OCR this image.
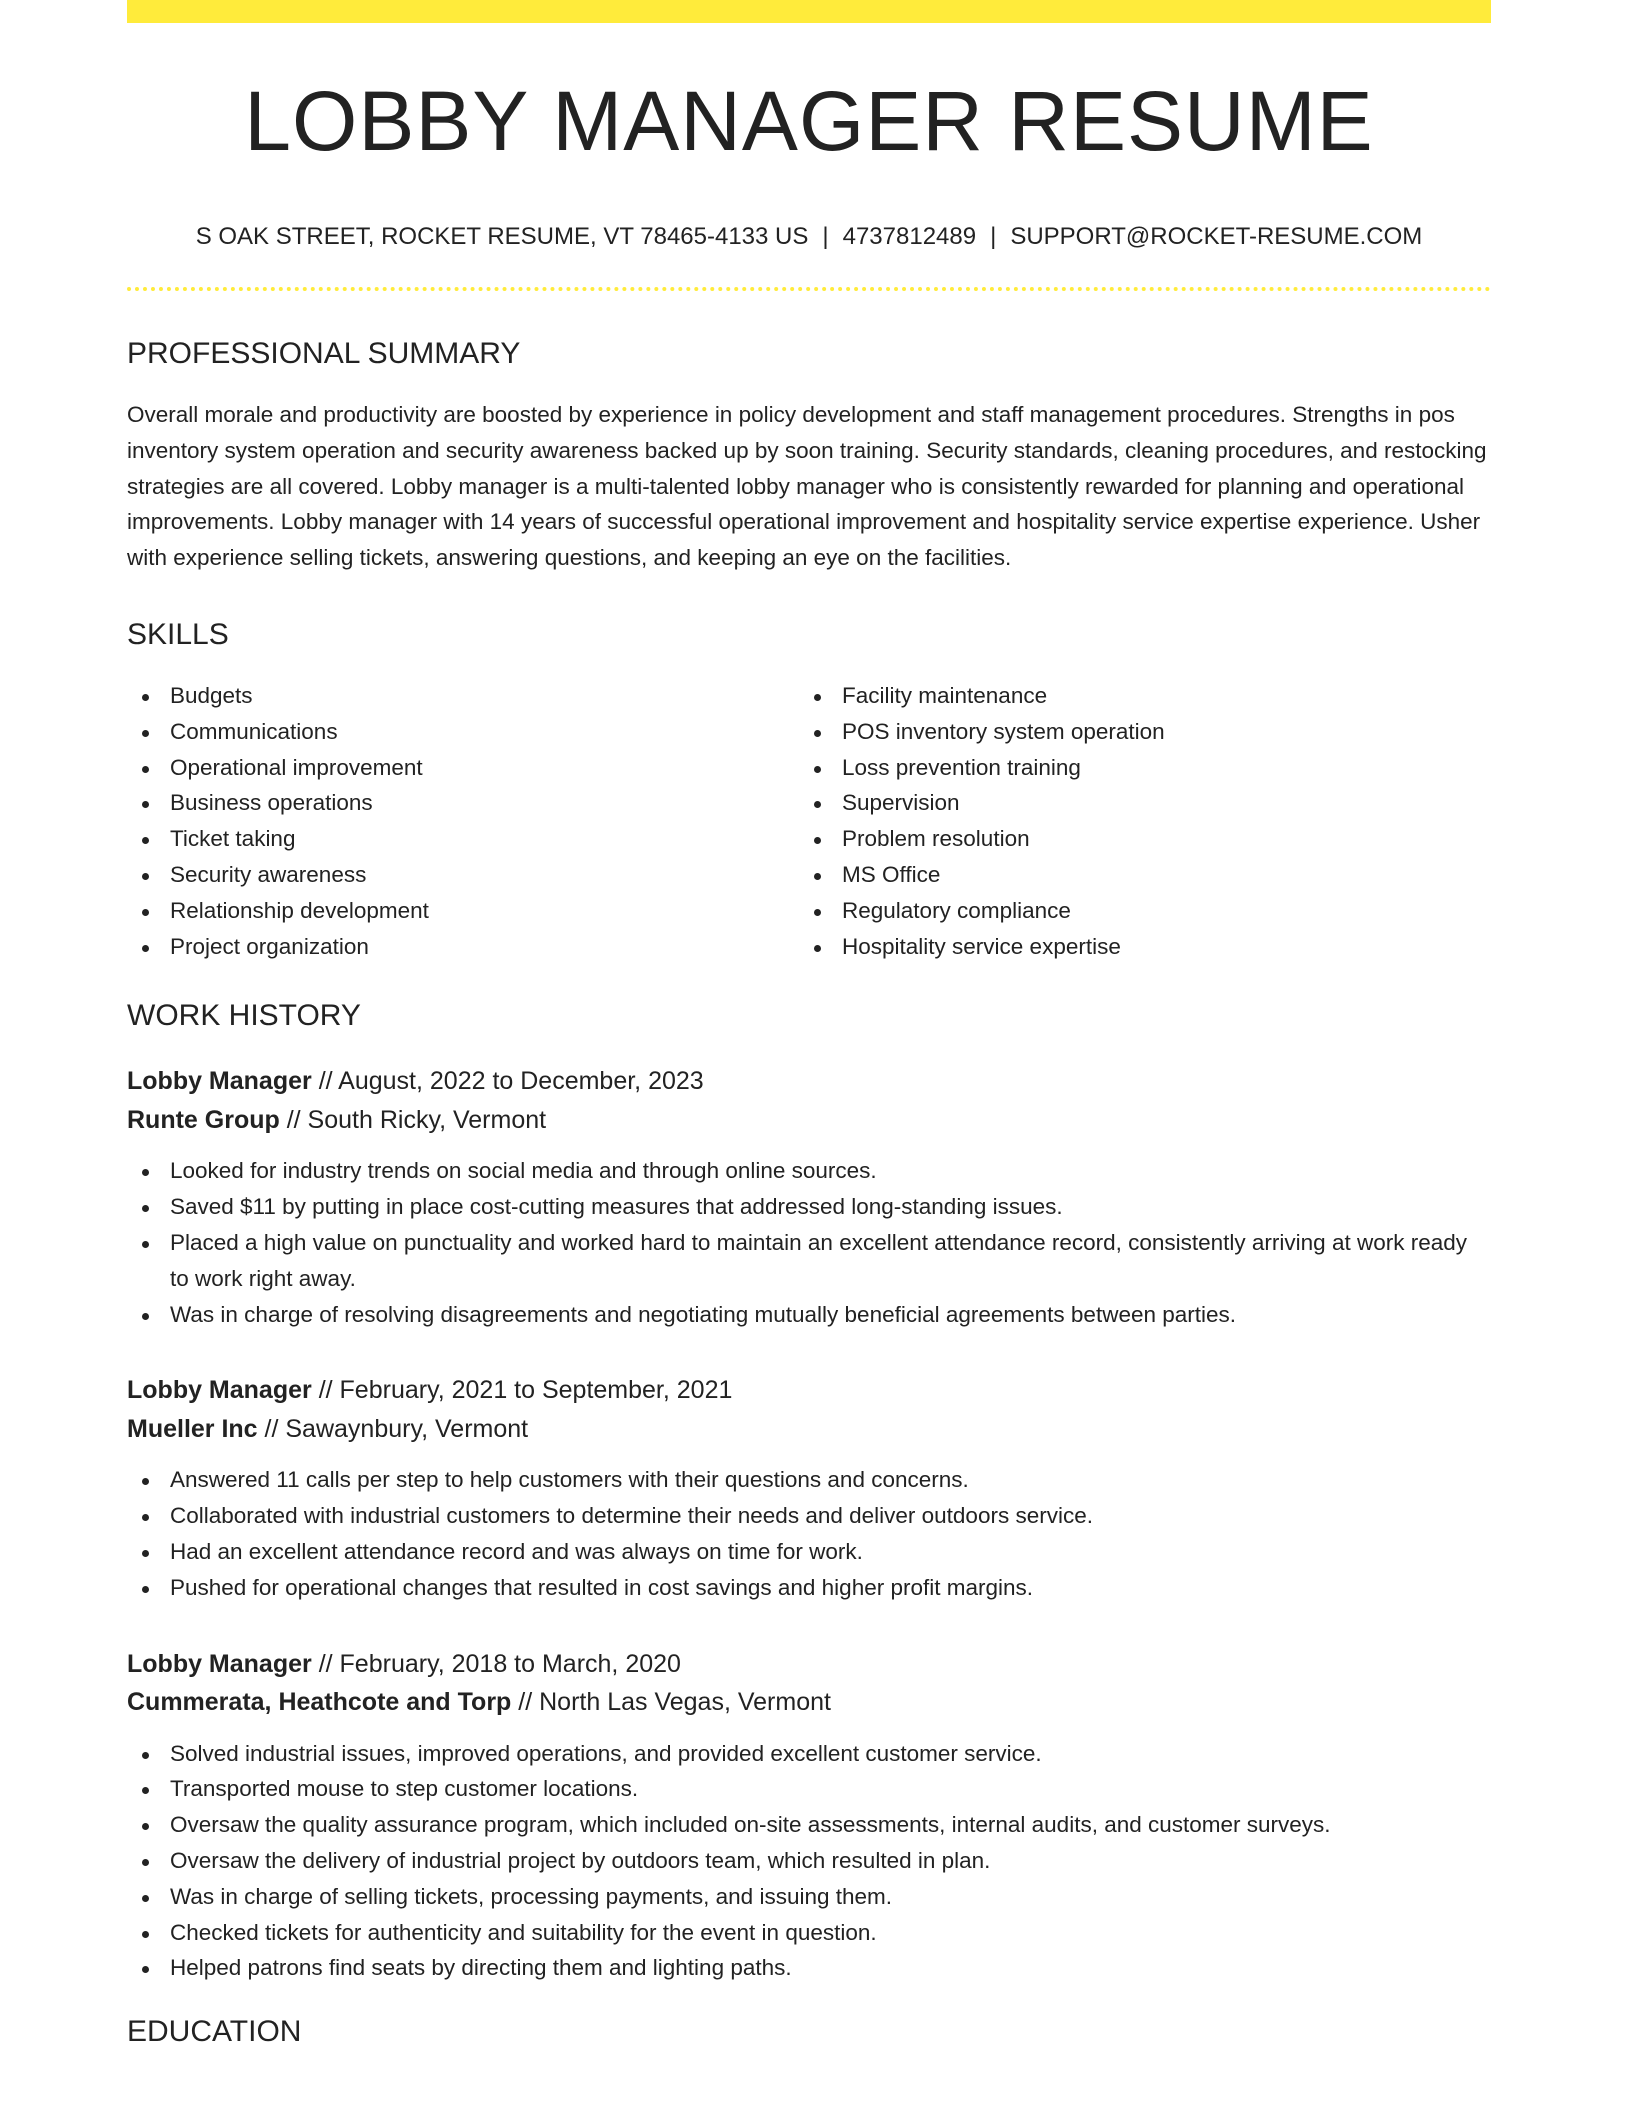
LOBBY MANAGER RESUME
S OAK STREET, ROCKET RESUME, VT 78465-4133 US | 4737812489 | SUPPORT@ROCKET-RESUME.COM
PROFESSIONAL SUMMARY

Overall morale and productivity are boosted by experience in policy development and staff management procedures. Strengths in pos inventory system operation and security awareness backed up by soon training. Security standards, cleaning procedures, and restocking strategies are all covered. Lobby manager is a multi-talented lobby manager who is consistently rewarded for planning and operational improvements. Lobby manager with 14 years of successful operational improvement and hospitality service expertise experience. Usher with experience selling tickets, answering questions, and keeping an eye on the facilities.

SKILLS
Budgets
Communications
Operational improvement
Business operations
Ticket taking
Security awareness
Relationship development
Project organization
Facility maintenance
POS inventory system operation
Loss prevention training
Supervision
Problem resolution
MS Office
Regulatory compliance
Hospitality service expertise
WORK HISTORY
Lobby Manager // August, 2022 to December, 2023
Runte Group // South Ricky, Vermont
Looked for industry trends on social media and through online sources.
Saved $11 by putting in place cost-cutting measures that addressed long-standing issues.
Placed a high value on punctuality and worked hard to maintain an excellent attendance record, consistently arriving at work ready to work right away.
Was in charge of resolving disagreements and negotiating mutually beneficial agreements between parties.
Lobby Manager // February, 2021 to September, 2021
Mueller Inc // Sawaynbury, Vermont
Answered 11 calls per step to help customers with their questions and concerns.
Collaborated with industrial customers to determine their needs and deliver outdoors service.
Had an excellent attendance record and was always on time for work.
Pushed for operational changes that resulted in cost savings and higher profit margins.
Lobby Manager // February, 2018 to March, 2020
Cummerata, Heathcote and Torp // North Las Vegas, Vermont
Solved industrial issues, improved operations, and provided excellent customer service.
Transported mouse to step customer locations.
Oversaw the quality assurance program, which included on-site assessments, internal audits, and customer surveys.
Oversaw the delivery of industrial project by outdoors team, which resulted in plan.
Was in charge of selling tickets, processing payments, and issuing them.
Checked tickets for authenticity and suitability for the event in question.
Helped patrons find seats by directing them and lighting paths.
EDUCATION
